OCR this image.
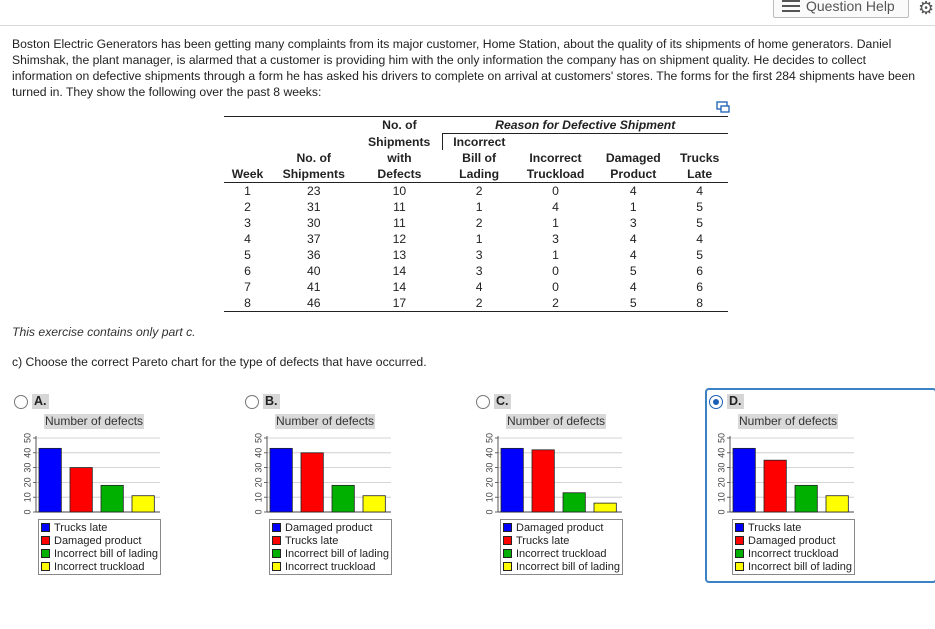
Question Help ⚙
Boston Electric Generators has been getting many complaints from its major customer, Home Station, about the quality of its shipments of home generators. Daniel Shimshak, the plant manager, is alarmed that a customer is providing him with the only information the company has on shipment quality. He decides to collect information on defective shipments through a form he has asked his drivers to complete on arrival at customers' stores. The forms for the first 284 shipments have been turned in. They show the following over the past 8 weeks:
		No. of	Reason for Defective Shipment			
		Shipments	Incorrect			
	No. of	with	Bill of	Incorrect	Damaged	Trucks
Week	Shipments	Defects	Lading	Truckload	Product	Late
1	23	10	2	0	4	4
2	31	11	1	4	1	5
3	30	11	2	1	3	5
4	37	12	1	3	4	4
5	36	13	3	1	4	5
6	40	14	3	0	5	6
7	41	14	4	0	4	6
8	46	17	2	2	5	8
This exercise contains only part c.
c) Choose the correct Pareto chart for the type of defects that have occurred.
A.
Number of defects
0
10
20
30
40
50
Trucks late
Damaged product
Incorrect bill of lading
Incorrect truckload
B.
Number of defects
0
10
20
30
40
50
Damaged product
Trucks late
Incorrect bill of lading
Incorrect truckload
C.
Number of defects
0
10
20
30
40
50
Damaged product
Trucks late
Incorrect truckload
Incorrect bill of lading
D.
Number of defects
0
10
20
30
40
50
Trucks late
Damaged product
Incorrect truckload
Incorrect bill of lading
